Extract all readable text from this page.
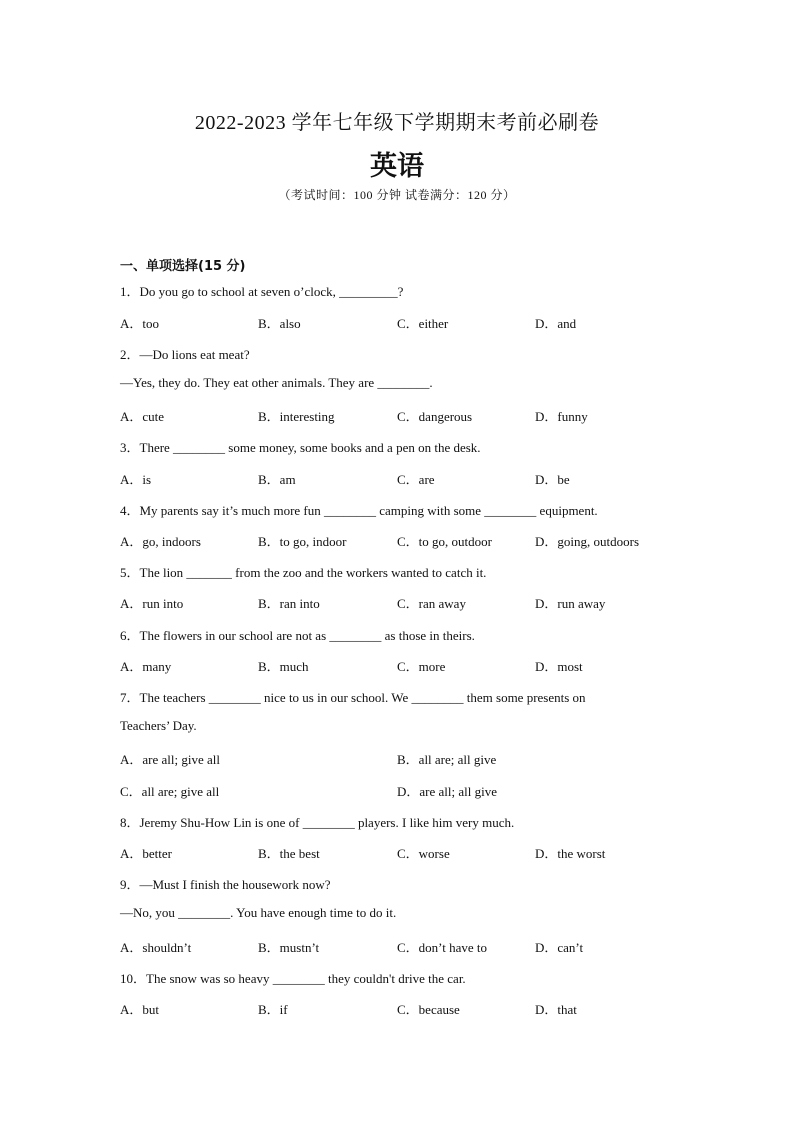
2022-2023 学年七年级下学期期末考前必刷卷
英语
（考试时间：100 分钟 试卷满分：120 分）
一、单项选择(15 分)
1．Do you go to school at seven o’clock, _________?
A．too	B．also	C．either	D．and
2．—Do lions eat meat?
—Yes, they do. They eat other animals. They are ________.
A．cute	B．interesting	C．dangerous	D．funny
3．There ________ some money, some books and a pen on the desk.
A．is	B．am	C．are	D．be
4．My parents say it’s much more fun ________ camping with some ________ equipment.
A．go, indoors	B．to go, indoor	C．to go, outdoor	D．going, outdoors
5．The lion _______ from the zoo and the workers wanted to catch it.
A．run into	B．ran into	C．ran away	D．run away
6．The flowers in our school are not as ________ as those in theirs.
A．many	B．much	C．more	D．most
7．The teachers ________ nice to us in our school. We ________ them some presents on
Teachers’ Day.
A．are all; give all	B．all are; all give
C．all are; give all	D．are all; all give
8．Jeremy Shu-How Lin is one of ________ players. I like him very much.
A．better	B．the best	C．worse	D．the worst
9．—Must I finish the housework now?
—No, you ________. You have enough time to do it.
A．shouldn’t	B．mustn’t	C．don’t have to	D．can’t
10．The snow was so heavy ________ they couldn't drive the car.
A．but	B．if	C．because	D．that
